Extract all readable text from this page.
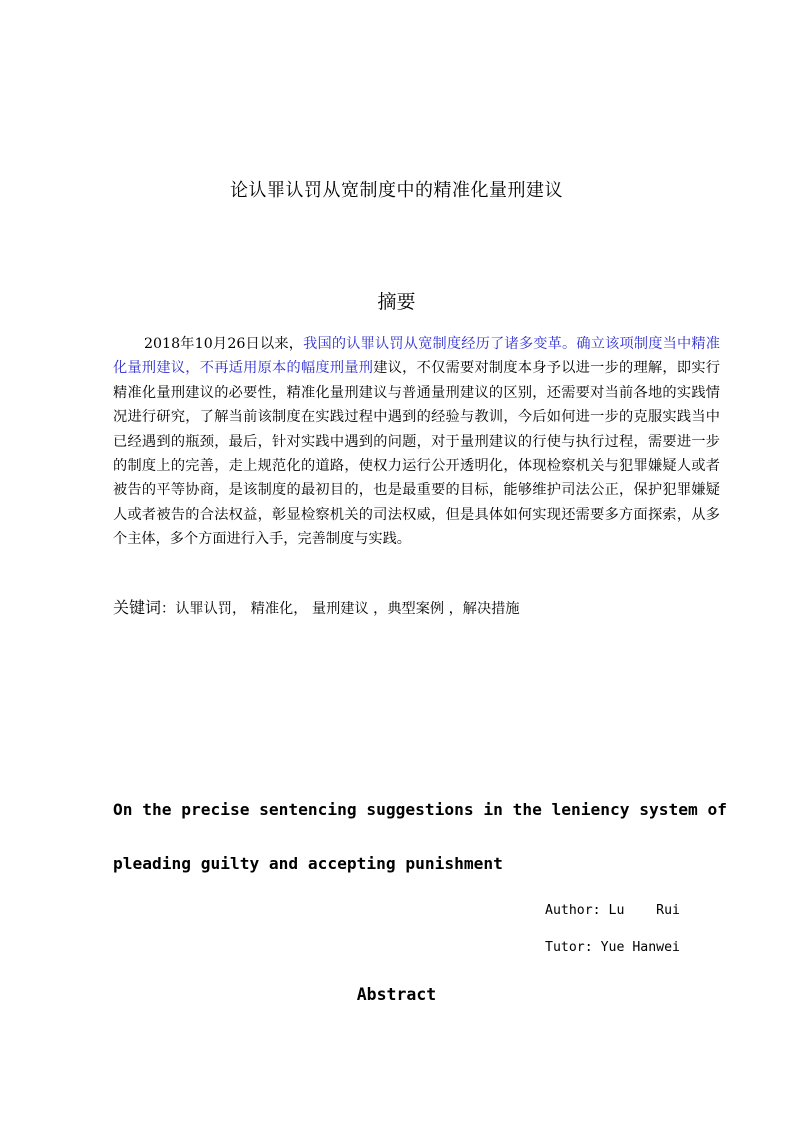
论认罪认罚从宽制度中的精准化量刑建议
摘要

2018年10月26日以来，我国的认罪认罚从宽制度经历了诸多变革。确立该项制度当中精准化量刑建议，不再适用原本的幅度刑量刑建议，不仅需要对制度本身予以进一步的理解，即实行精准化量刑建议的必要性，精准化量刑建议与普通量刑建议的区别，还需要对当前各地的实践情况进行研究，了解当前该制度在实践过程中遇到的经验与教训，今后如何进一步的克服实践当中已经遇到的瓶颈，最后，针对实践中遇到的问题，对于量刑建议的行使与执行过程，需要进一步的制度上的完善，走上规范化的道路，使权力运行公开透明化，体现检察机关与犯罪嫌疑人或者被告的平等协商，是该制度的最初目的，也是最重要的目标，能够维护司法公正，保护犯罪嫌疑人或者被告的合法权益，彰显检察机关的司法权威，但是具体如何实现还需要多方面探索，从多个主体，多个方面进行入手，完善制度与实践。

关键词：认罪认罚， 精准化， 量刑建议 ，典型案例 ，解决措施
On the precise sentencing suggestions in the leniency system of
pleading guilty and accepting punishment
Author: Lu    Rui
Tutor: Yue Hanwei
Abstract
